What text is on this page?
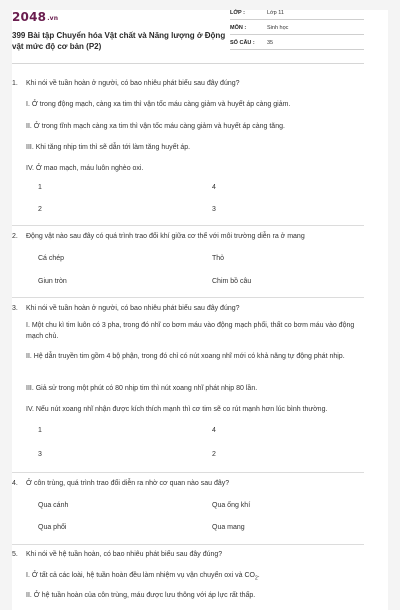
2048.vn
399 Bài tập Chuyển hóa Vật chất và Năng lượng ở Động vật mức độ cơ bản (P2)
LỚP :	Lớp 11
MÔN :	Sinh học
SỐ CÂU : 35
1.	Khi nói về tuần hoàn ở người, có bao nhiêu phát biểu sau đây đúng?
I. Ở trong động mạch, càng xa tim thì vận tốc máu càng giảm và huyết áp càng giảm.
II. Ở trong tĩnh mạch càng xa tim thì vận tốc máu càng giảm và huyết áp càng tăng.
III. Khi tăng nhịp tim thì sẽ dẫn tới làm tăng huyết áp.
IV. Ở mao mạch, máu luôn nghèo oxi.
1	4
2	3
2.	Động vật nào sau đây có quá trình trao đổi khí giữa cơ thể với môi trường diễn ra ở mang
Cá chép	Thỏ
Giun tròn	Chim bồ câu
3.	Khi nói về tuần hoàn ở người, có bao nhiêu phát biểu sau đây đúng?
I. Một chu kì tim luôn có 3 pha, trong đó nhĩ co bơm máu vào động mạch phổi, thất co bơm máu vào động mạch chủ.
II. Hệ dẫn truyền tim gồm 4 bộ phận, trong đó chỉ có nút xoang nhĩ mới có khả năng tự động phát nhịp.
III. Giả sử trong một phút có 80 nhịp tim thì nút xoang nhĩ phát nhịp 80 lần.
IV. Nếu nút xoang nhĩ nhận được kích thích mạnh thì cơ tim sẽ co rút mạnh hơn lúc bình thường.
1	4
3	2
4.	Ở côn trùng, quá trình trao đổi diễn ra nhờ cơ quan nào sau đây?
Qua cánh	Qua ống khí
Qua phổi	Qua mang
5.	Khi nói về hệ tuần hoàn, có bao nhiêu phát biểu sau đây đúng?
I. Ở tất cả các loài, hệ tuần hoàn đều làm nhiệm vụ vận chuyển oxi và $CO_2$.
II. Ở hệ tuần hoàn của côn trùng, máu được lưu thông với áp lực rất thấp.
